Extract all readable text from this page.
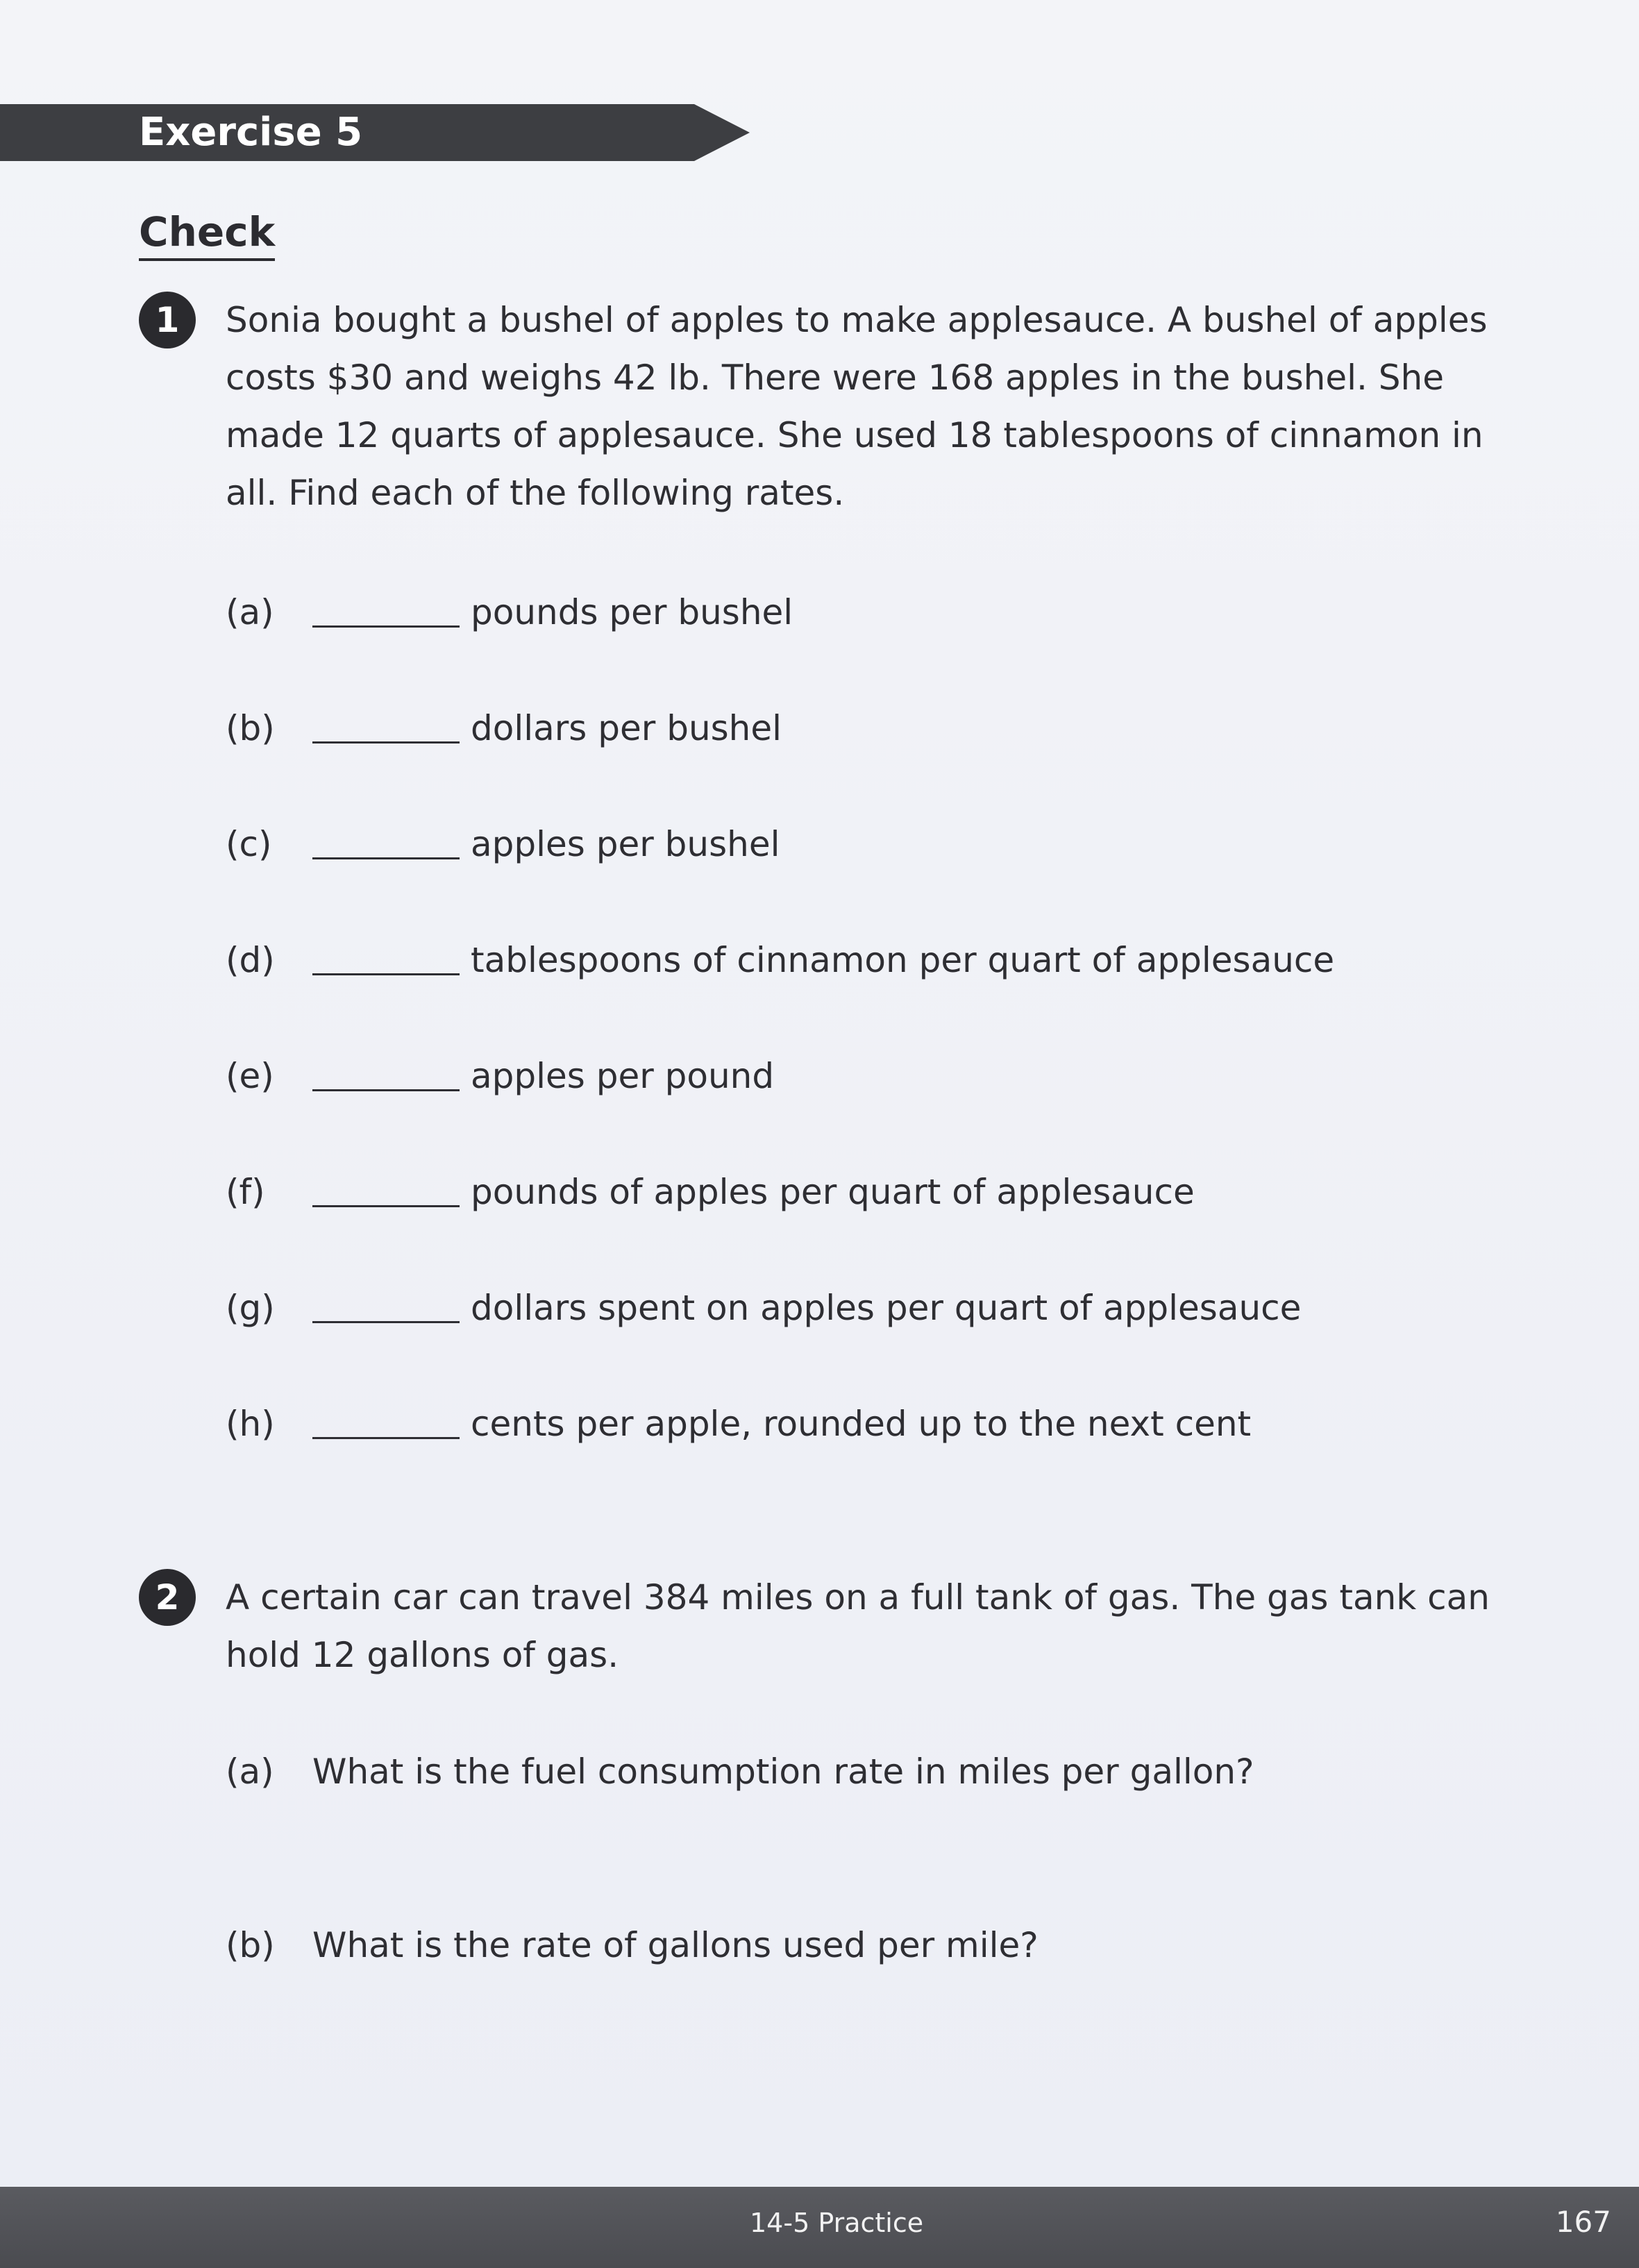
Exercise 5
Check
1	Sonia bought a bushel of apples to make applesauce. A bushel of apples costs $30 and weighs 42 lb. There were 168 apples in the bushel. She made 12 quarts of applesauce. She used 18 tablespoons of cinnamon in all. Find each of the following rates.
(a)	pounds per bushel
(b)	dollars per bushel
(c)	apples per bushel
(d)	tablespoons of cinnamon per quart of applesauce
(e)	apples per pound
(f)	pounds of apples per quart of applesauce
(g)	dollars spent on apples per quart of applesauce
(h)	cents per apple, rounded up to the next cent
2	A certain car can travel 384 miles on a full tank of gas. The gas tank can hold 12 gallons of gas.
(a) What is the fuel consumption rate in miles per gallon?
(b) What is the rate of gallons used per mile?
14-5 Practice	167
